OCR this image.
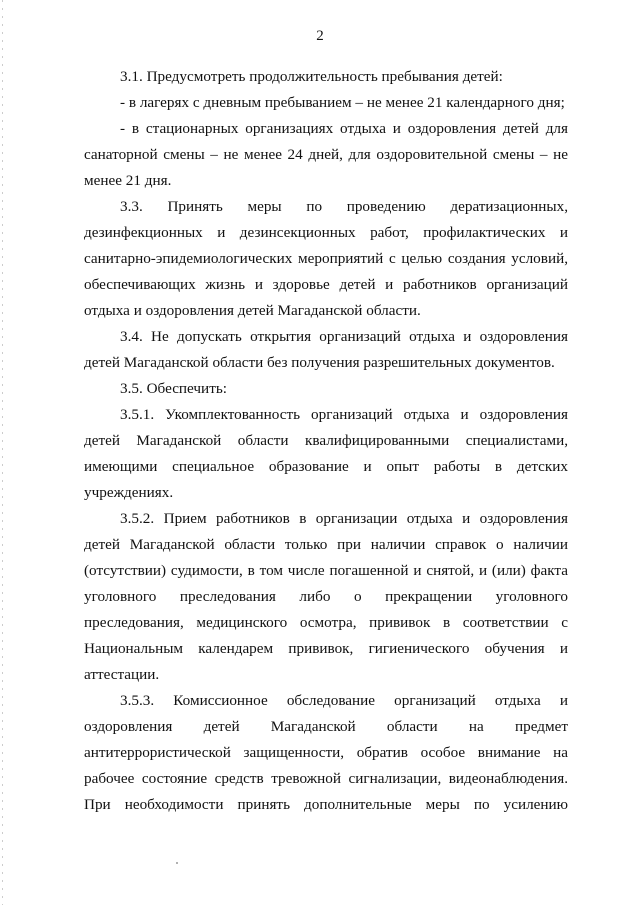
2

3.1. Предусмотреть продолжительность пребывания детей:

- в лагерях с дневным пребыванием – не менее 21 календарного дня;

- в стационарных организациях отдыха и оздоровления детей для санаторной смены – не менее 24 дней, для оздоровительной смены – не менее 21 дня.

3.3. Принять меры по проведению дератизационных, дезинфекционных и дезинсекционных работ, профилактических и санитарно-эпидемиологических мероприятий с целью создания условий, обеспечивающих жизнь и здоровье детей и работников организаций отдыха и оздоровления детей Магаданской области.

3.4. Не допускать открытия организаций отдыха и оздоровления детей Магаданской области без получения разрешительных документов.

3.5. Обеспечить:

3.5.1. Укомплектованность организаций отдыха и оздоровления детей Магаданской области квалифицированными специалистами, имеющими специальное образование и опыт работы в детских учреждениях.

3.5.2. Прием работников в организации отдыха и оздоровления детей Магаданской области только при наличии справок о наличии (отсутствии) судимости, в том числе погашенной и снятой, и (или) факта уголовного преследования либо о прекращении уголовного преследования, медицинского осмотра, прививок в соответствии с Национальным календарем прививок, гигиенического обучения и аттестации.

3.5.3. Комиссионное обследование организаций отдыха и оздоровления детей Магаданской области на предмет антитеррористической защищенности, обратив особое внимание на рабочее состояние средств тревожной сигнализации, видеонаблюдения. При необходимости принять дополнительные меры по усилению
